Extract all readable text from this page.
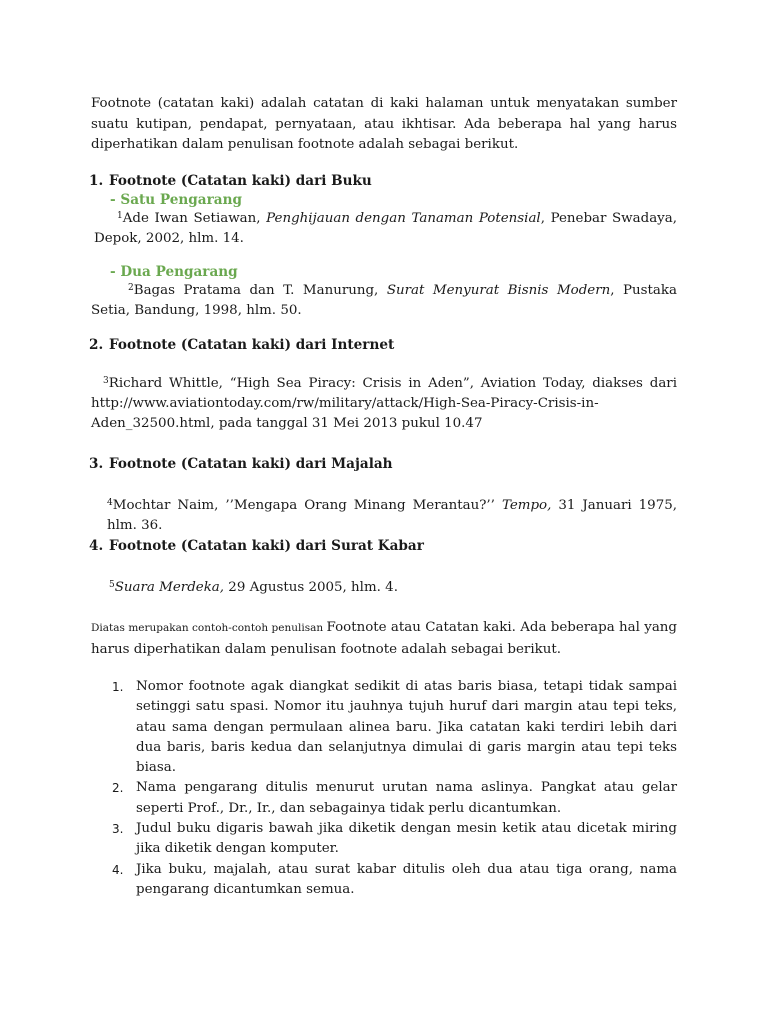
Footnote (catatan kaki) adalah catatan di kaki halaman untuk menyatakan sumber suatu kutipan, pendapat, pernyataan, atau ikhtisar. Ada beberapa hal yang harus diperhatikan dalam penulisan footnote adalah sebagai berikut.

1. Footnote (Catatan kaki) dari Buku

- Satu Pengarang

$^1$Ade Iwan Setiawan, Penghijauan dengan Tanaman Potensial, Penebar Swadaya, Depok, 2002, hlm. 14.

- Dua Pengarang

$^2$Bagas Pratama dan T. Manurung, Surat Menyurat Bisnis Modern, Pustaka Setia, Bandung, 1998, hlm. 50.

2. Footnote (Catatan kaki) dari Internet

$^3$Richard Whittle, “High Sea Piracy: Crisis in Aden”, Aviation Today, diakses dari http://www.aviationtoday.com/rw/military/attack/High-Sea-Piracy-Crisis-in-Aden_32500.html, pada tanggal 31 Mei 2013 pukul 10.47

3. Footnote (Catatan kaki) dari Majalah

$^4$Mochtar Naim, ’’Mengapa Orang Minang Merantau?’’ Tempo, 31 Januari 1975, hlm. 36.

4. Footnote (Catatan kaki) dari Surat Kabar

$^5$Suara Merdeka, 29 Agustus 2005, hlm. 4.

Diatas merupakan contoh-contoh penulisan Footnote atau Catatan kaki. Ada beberapa hal yang harus diperhatikan dalam penulisan footnote adalah sebagai berikut.

1. Nomor footnote agak diangkat sedikit di atas baris biasa, tetapi tidak sampai setinggi satu spasi. Nomor itu jauhnya tujuh huruf dari margin atau tepi teks, atau sama dengan permulaan alinea baru. Jika catatan kaki terdiri lebih dari dua baris, baris kedua dan selanjutnya dimulai di garis margin atau tepi teks biasa.
2. Nama pengarang ditulis menurut urutan nama aslinya. Pangkat atau gelar seperti Prof., Dr., Ir., dan sebagainya tidak perlu dicantumkan.
3. Judul buku digaris bawah jika diketik dengan mesin ketik atau dicetak miring jika diketik dengan komputer.
4. Jika buku, majalah, atau surat kabar ditulis oleh dua atau tiga orang, nama pengarang dicantumkan semua.
